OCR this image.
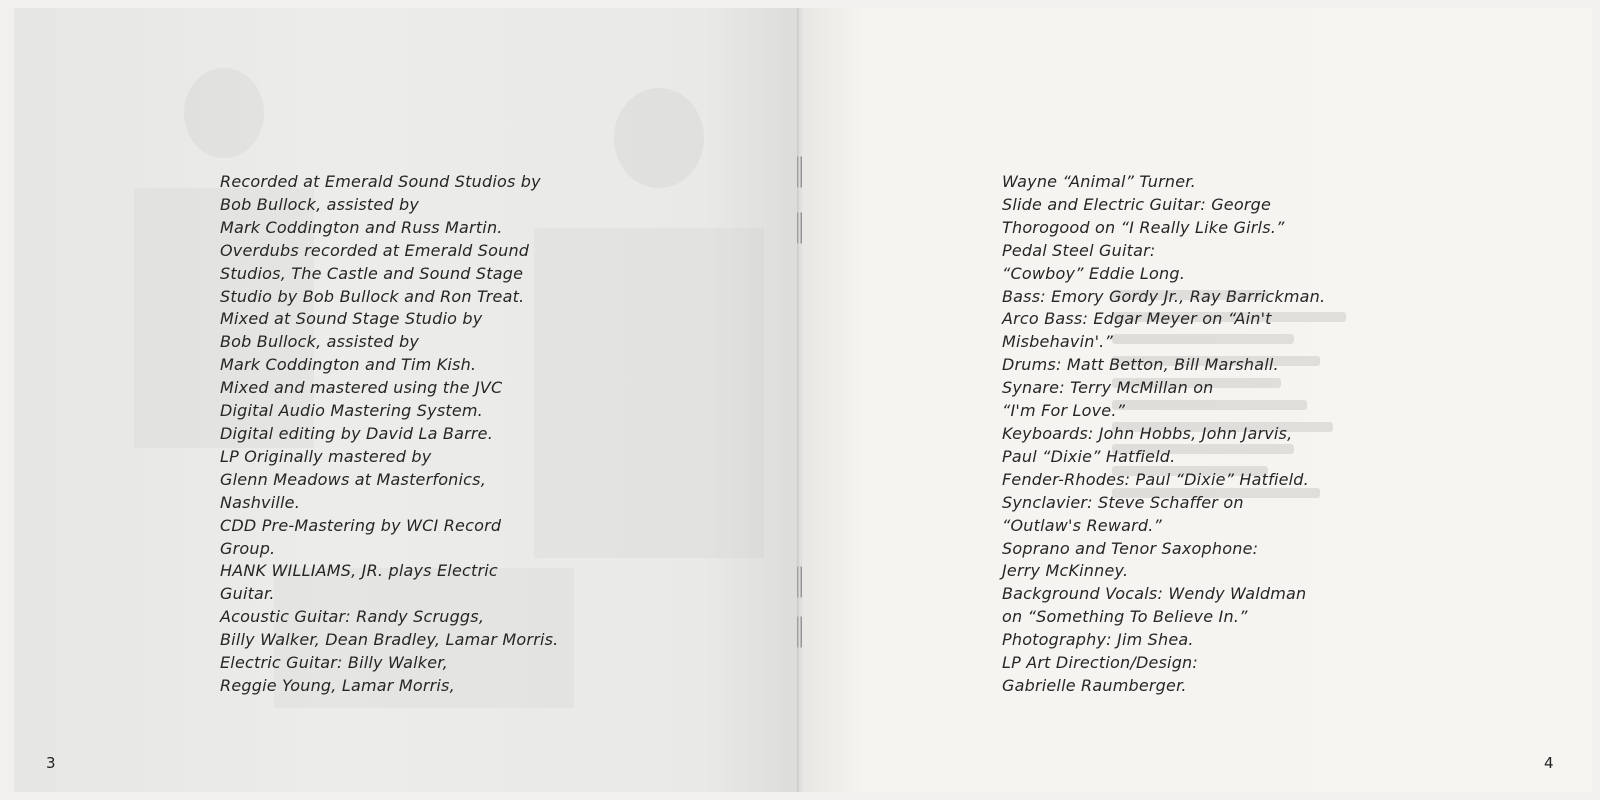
Recorded at Emerald Sound Studios by
Bob Bullock, assisted by
Mark Coddington and Russ Martin.
Overdubs recorded at Emerald Sound
Studios, The Castle and Sound Stage
Studio by Bob Bullock and Ron Treat.
Mixed at Sound Stage Studio by
Bob Bullock, assisted by
Mark Coddington and Tim Kish.
Mixed and mastered using the JVC
Digital Audio Mastering System.
Digital editing by David La Barre.
LP Originally mastered by
Glenn Meadows at Masterfonics,
Nashville.
CDD Pre-Mastering by WCI Record
Group.
HANK WILLIAMS, JR. plays Electric
Guitar.
Acoustic Guitar: Randy Scruggs,
Billy Walker, Dean Bradley, Lamar Morris.
Electric Guitar: Billy Walker,
Reggie Young, Lamar Morris,
3
Wayne “Animal” Turner.
Slide and Electric Guitar: George
Thorogood on “I Really Like Girls.”
Pedal Steel Guitar:
“Cowboy” Eddie Long.
Bass: Emory Gordy Jr., Ray Barrickman.
Arco Bass: Edgar Meyer on “Ain't
Misbehavin'.”
Drums: Matt Betton, Bill Marshall.
Synare: Terry McMillan on
“I'm For Love.”
Keyboards: John Hobbs, John Jarvis,
Paul “Dixie” Hatfield.
Fender-Rhodes: Paul “Dixie” Hatfield.
Synclavier: Steve Schaffer on
“Outlaw's Reward.”
Soprano and Tenor Saxophone:
Jerry McKinney.
Background Vocals: Wendy Waldman
on “Something To Believe In.”
Photography: Jim Shea.
LP Art Direction/Design:
Gabrielle Raumberger.
4
